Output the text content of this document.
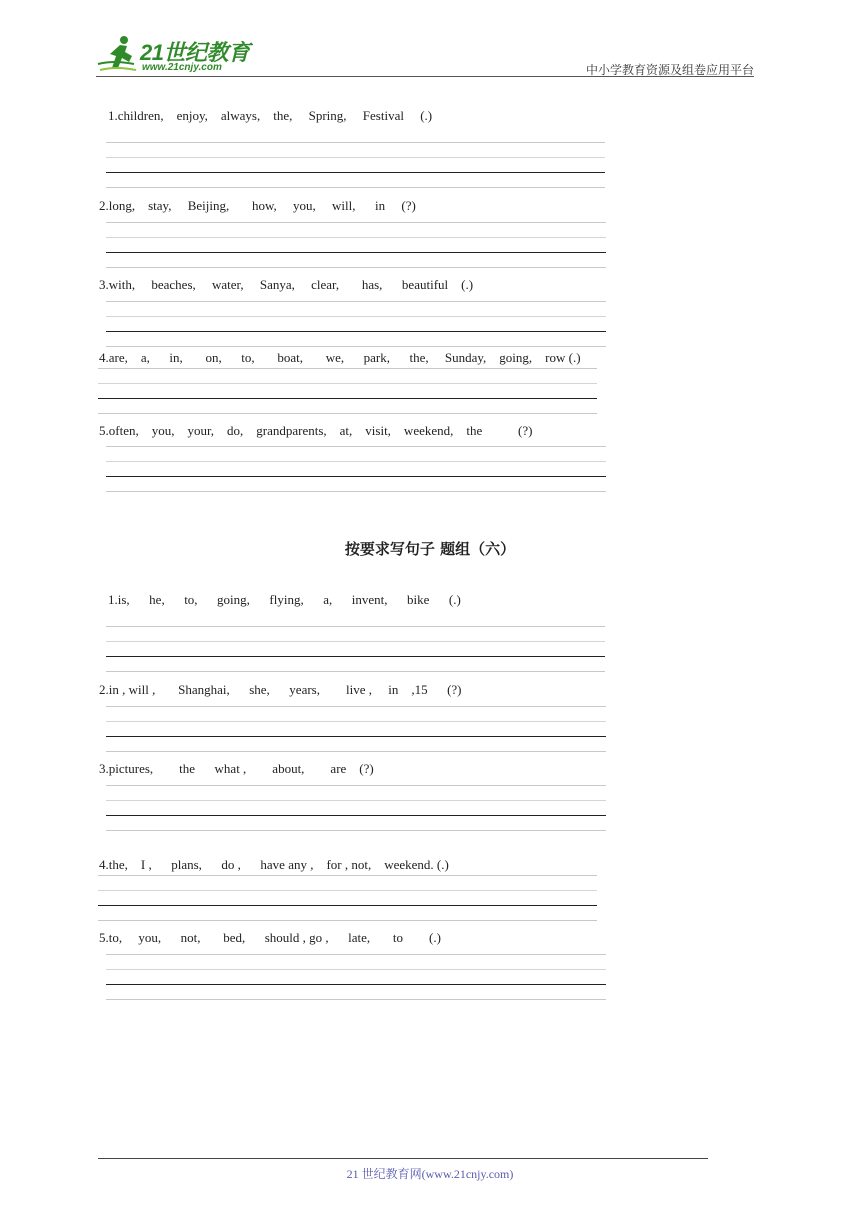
21世纪教育
www.21cnjy.com	中小学教育资源及组卷应用平台
1.children,    enjoy,    always,    the,     Spring,     Festival     (.)
2.long,    stay,     Beijing,       how,     you,     will,      in     (?)
3.with,     beaches,     water,     Sanya,     clear,       has,      beautiful    (.)
4.are,    a,      in,       on,      to,       boat,       we,      park,      the,     Sunday,    going,    row (.)
5.often,    you,    your,    do,    grandparents,    at,    visit,    weekend,    the           (?)
按要求写句子 题组（六）
1.is,      he,      to,      going,      flying,      a,      invent,      bike      (.)
2.in , will ,       Shanghai,      she,      years,        live ,     in    ,15      (?)
3.pictures,        the      what ,        about,        are    (?)
4.the,    I ,      plans,      do ,      have any ,    for , not,    weekend. (.)
5.to,     you,      not,       bed,      should , go ,      late,       to        (.)
21 世纪教育网(www.21cnjy.com)
